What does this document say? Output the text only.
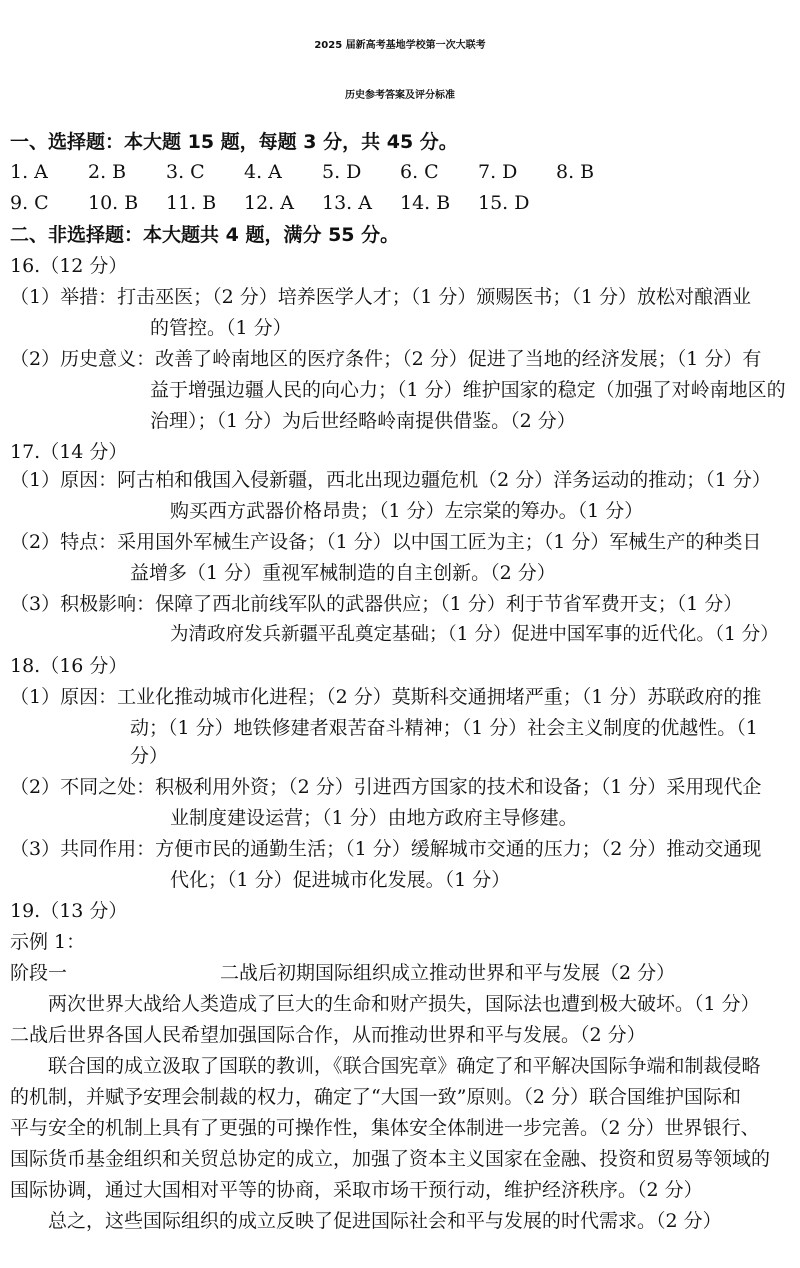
2025 届新高考基地学校第一次大联考
历史参考答案及评分标准
一、选择题：本大题 15 题，每题 3 分，共 45 分。
1. A 2. B 3. C 4. A 5. D 6. C 7. D 8. B
9. C 10. B 11. B 12. A 13. A 14. B 15. D
二、非选择题：本大题共 4 题，满分 55 分。
16.（12 分）
（1）举措：打击巫医；（2 分）培养医学人才；（1 分）颁赐医书；（1 分）放松对酿酒业
的管控。（1 分）
（2）历史意义：改善了岭南地区的医疗条件；（2 分）促进了当地的经济发展；（1 分）有
益于增强边疆人民的向心力；（1 分）维护国家的稳定（加强了对岭南地区的
治理）；（1 分）为后世经略岭南提供借鉴。（2 分）
17.（14 分）
（1）原因：阿古柏和俄国入侵新疆，西北出现边疆危机（2 分）洋务运动的推动；（1 分）
购买西方武器价格昂贵；（1 分）左宗棠的筹办。（1 分）
（2）特点：采用国外军械生产设备；（1 分）以中国工匠为主；（1 分）军械生产的种类日
益增多（1 分）重视军械制造的自主创新。（2 分）
（3）积极影响：保障了西北前线军队的武器供应；（1 分）利于节省军费开支；（1 分）
为清政府发兵新疆平乱奠定基础；（1 分）促进中国军事的近代化。（1 分）
18.（16 分）
（1）原因：工业化推动城市化进程；（2 分）莫斯科交通拥堵严重；（1 分）苏联政府的推
动；（1 分）地铁修建者艰苦奋斗精神；（1 分）社会主义制度的优越性。（1
分）
（2）不同之处：积极利用外资；（2 分）引进西方国家的技术和设备；（1 分）采用现代企
业制度建设运营；（1 分）由地方政府主导修建。
（3）共同作用：方便市民的通勤生活；（1 分）缓解城市交通的压力；（2 分）推动交通现
代化；（1 分）促进城市化发展。（1 分）
19.（13 分）
示例 1：
阶段一	二战后初期国际组织成立推动世界和平与发展（2 分）
两次世界大战给人类造成了巨大的生命和财产损失，国际法也遭到极大破坏。（1 分）
二战后世界各国人民希望加强国际合作，从而推动世界和平与发展。（2 分）
联合国的成立汲取了国联的教训，《联合国宪章》确定了和平解决国际争端和制裁侵略
的机制，并赋予安理会制裁的权力，确定了“大国一致”原则。（2 分）联合国维护国际和
平与安全的机制上具有了更强的可操作性，集体安全体制进一步完善。（2 分）世界银行、
国际货币基金组织和关贸总协定的成立，加强了资本主义国家在金融、投资和贸易等领域的
国际协调，通过大国相对平等的协商，采取市场干预行动，维护经济秩序。（2 分）
总之，这些国际组织的成立反映了促进国际社会和平与发展的时代需求。（2 分）
